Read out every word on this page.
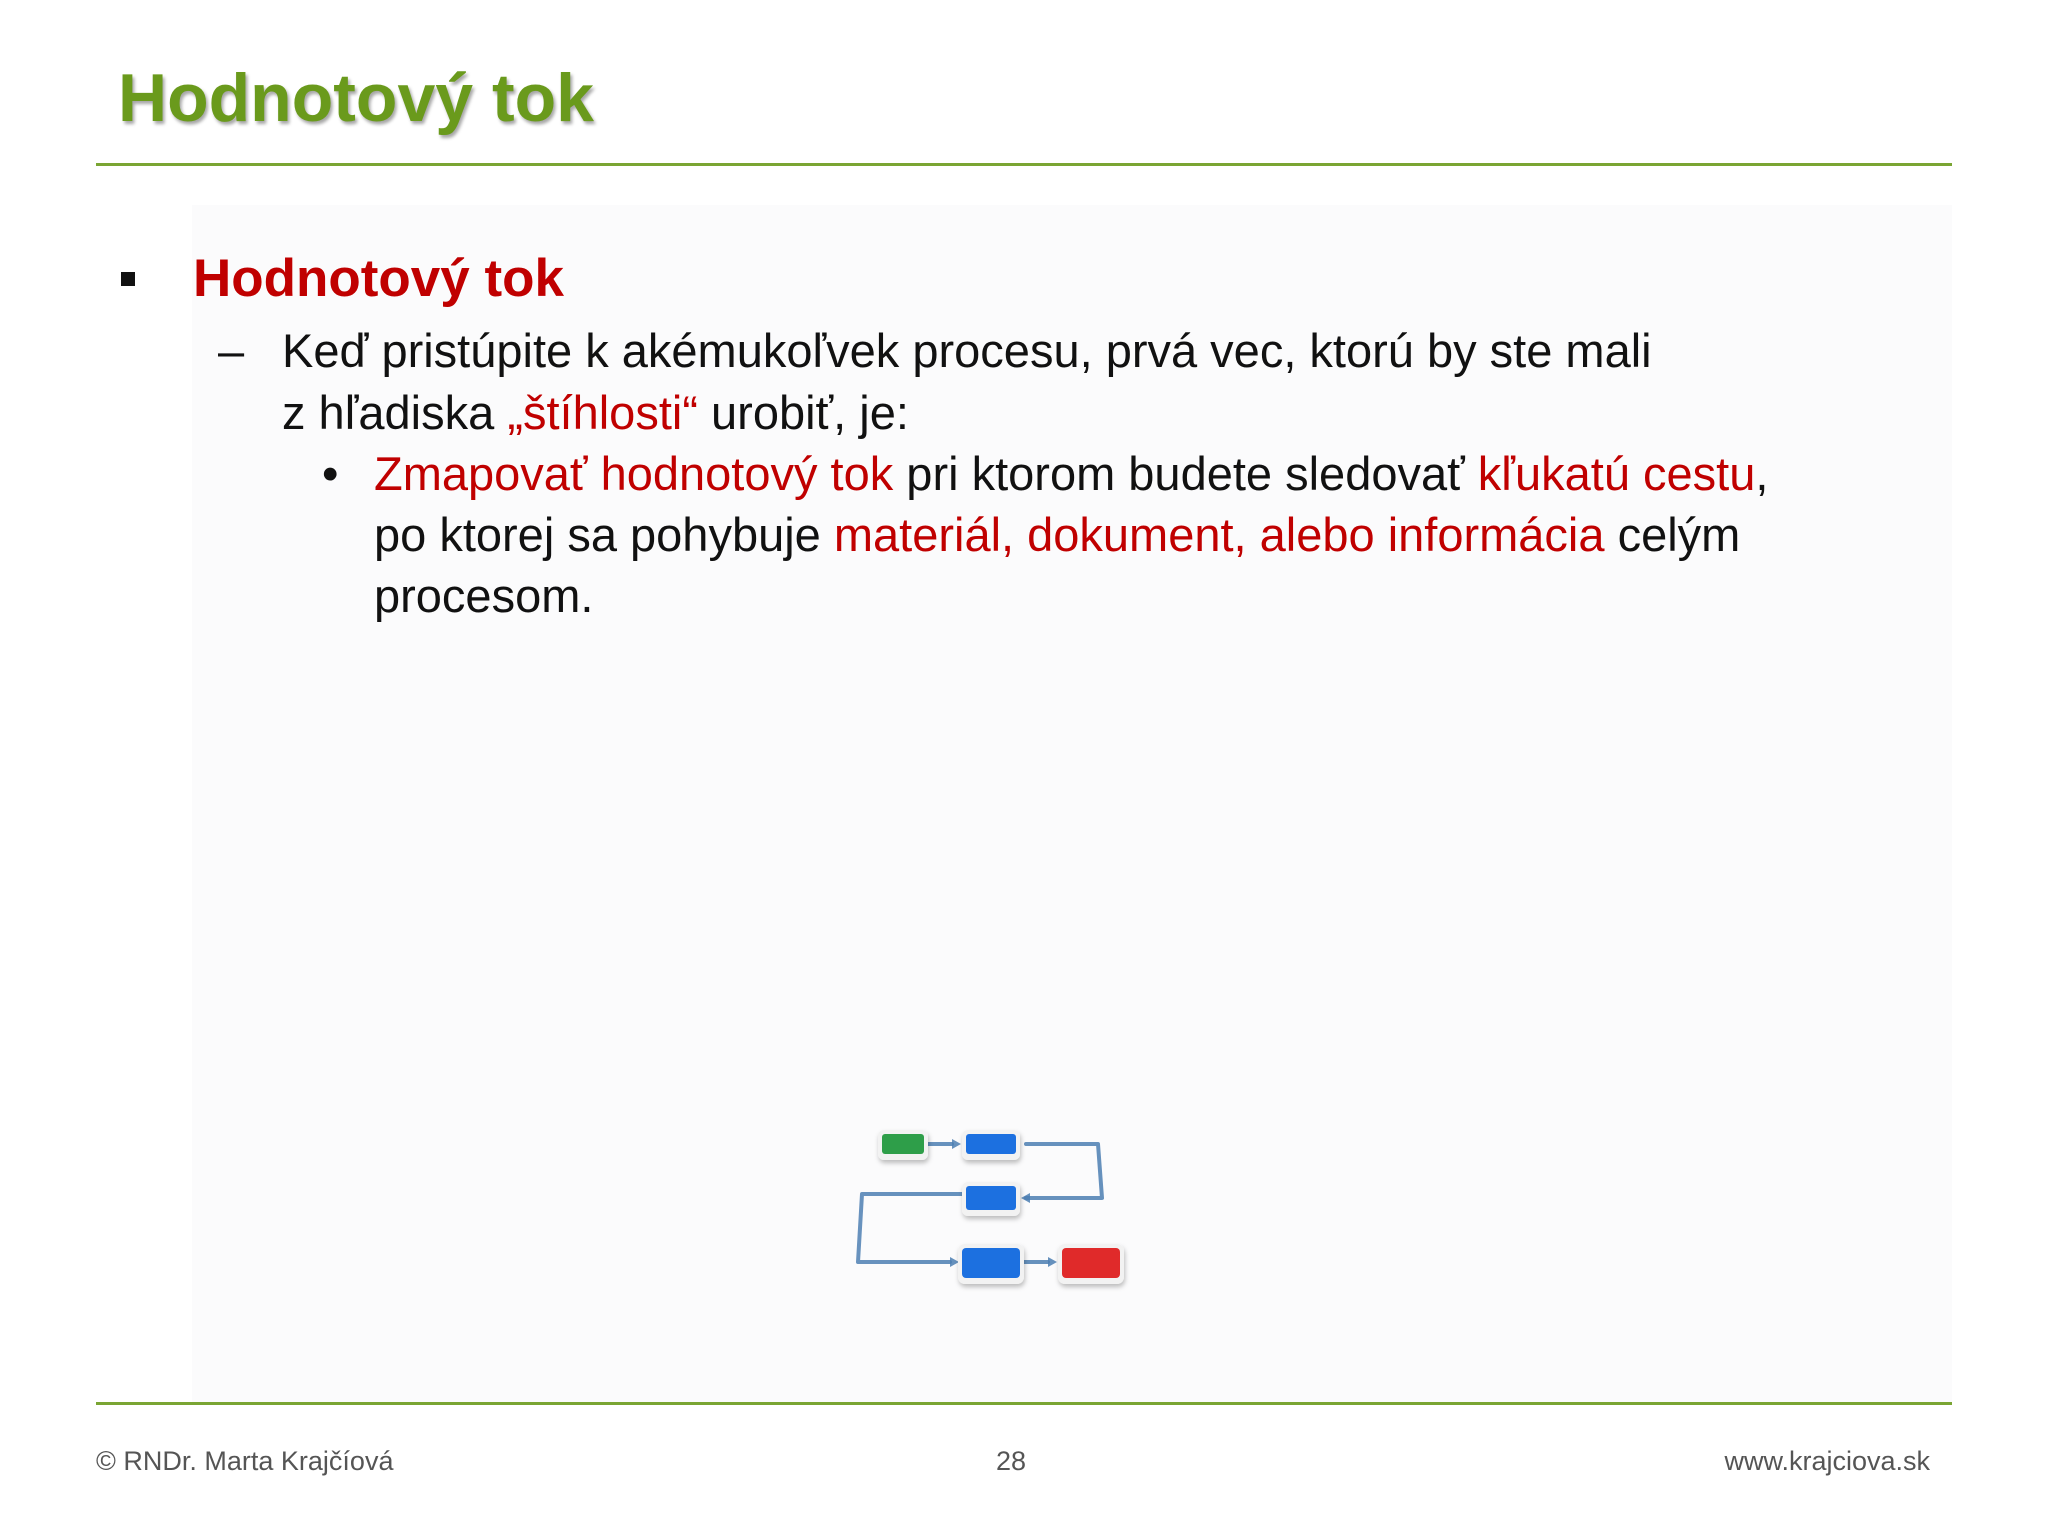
Hodnotový tok
Hodnotový tok
– Keď pristúpite k akémukoľvek procesu, prvá vec, ktorú by ste mali
z hľadiska „štíhlosti“ urobiť, je:
• Zmapovať hodnotový tok pri ktorom budete sledovať kľukatú cestu,
po ktorej sa pohybuje materiál, dokument, alebo informácia celým
procesom.
© RNDr. Marta Krajčíová	28	www.krajciova.sk
